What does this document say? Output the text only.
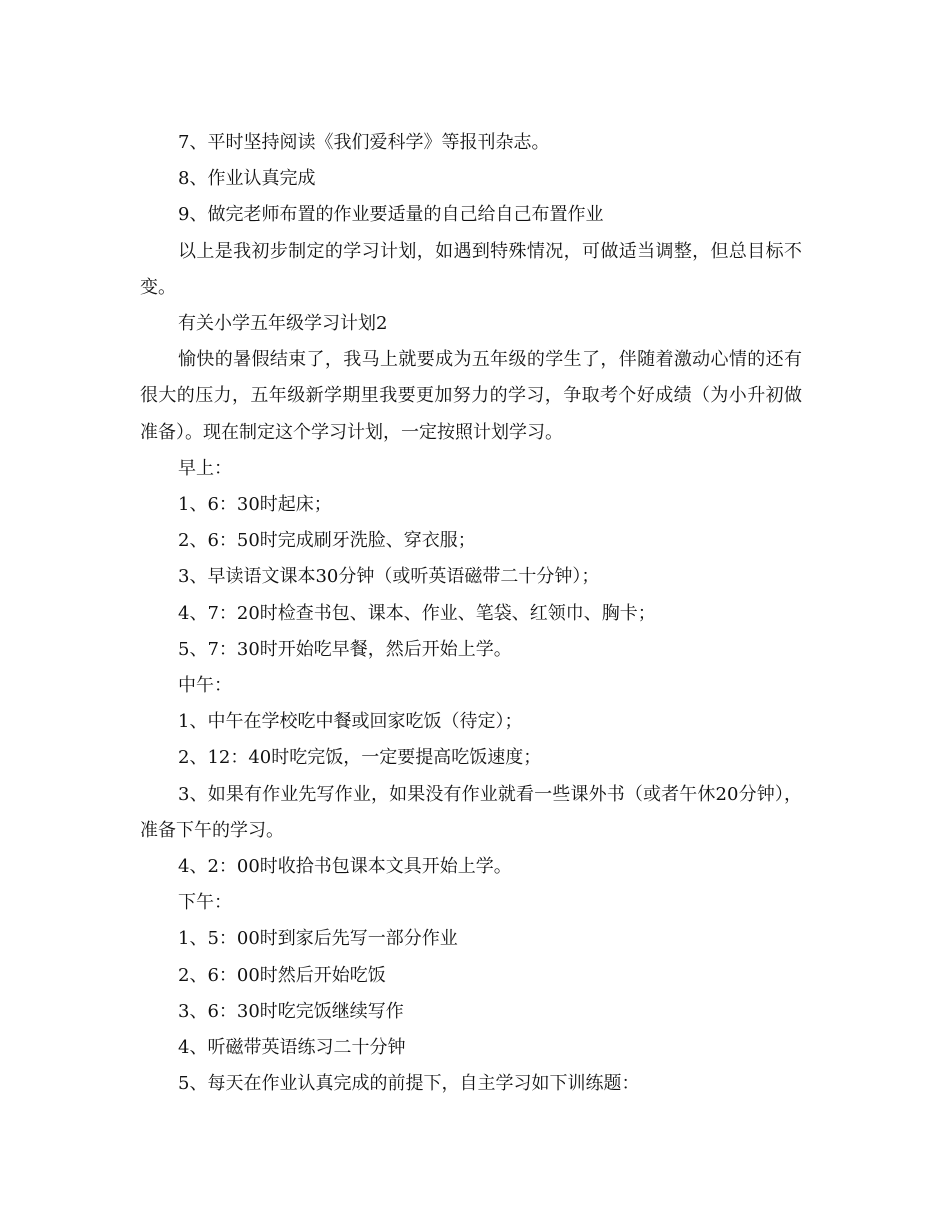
7、平时坚持阅读《我们爱科学》等报刊杂志。

8、作业认真完成

9、做完老师布置的作业要适量的自己给自己布置作业

以上是我初步制定的学习计划，如遇到特殊情况，可做适当调整，但总目标不变。

有关小学五年级学习计划2

愉快的暑假结束了，我马上就要成为五年级的学生了，伴随着激动心情的还有很大的压力，五年级新学期里我要更加努力的学习，争取考个好成绩（为小升初做准备）。现在制定这个学习计划，一定按照计划学习。

早上：

1、6：30时起床；

2、6：50时完成刷牙洗脸、穿衣服；

3、早读语文课本30分钟（或听英语磁带二十分钟）；

4、7：20时检查书包、课本、作业、笔袋、红领巾、胸卡；

5、7：30时开始吃早餐，然后开始上学。

中午：

1、中午在学校吃中餐或回家吃饭（待定）；

2、12：40时吃完饭，一定要提高吃饭速度；

3、如果有作业先写作业，如果没有作业就看一些课外书（或者午休20分钟），准备下午的学习。

4、2：00时收拾书包课本文具开始上学。

下午：

1、5：00时到家后先写一部分作业

2、6：00时然后开始吃饭

3、6：30时吃完饭继续写作

4、听磁带英语练习二十分钟

5、每天在作业认真完成的前提下，自主学习如下训练题：
